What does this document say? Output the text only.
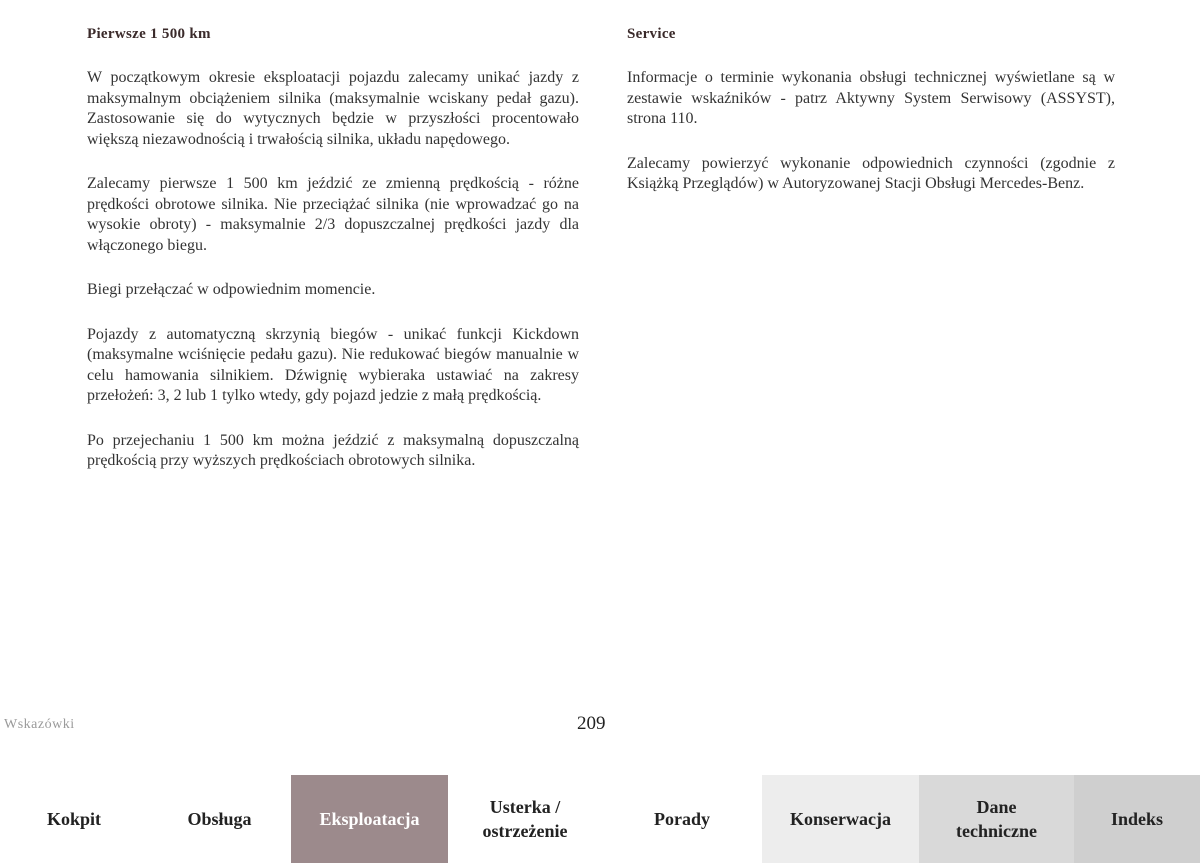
Pierwsze 1 500 km

W początkowym okresie eksploatacji pojazdu zalecamy unikać jazdy z maksymalnym obciążeniem silnika (maksymalnie wciskany pedał gazu). Zastosowanie się do wytycznych będzie w przyszłości procentowało większą niezawodnością i trwałością silnika, układu napędowego.

Zalecamy pierwsze 1 500 km jeździć ze zmienną prędkością - różne prędkości obrotowe silnika. Nie przeciążać silnika (nie wprowadzać go na wysokie obroty) - maksymalnie 2/3 dopuszczalnej prędkości jazdy dla włączonego biegu.

Biegi przełączać w odpowiednim momencie.

Pojazdy z automatyczną skrzynią biegów - unikać funkcji Kickdown (maksymalne wciśnięcie pedału gazu). Nie redukować biegów manualnie w celu hamowania silnikiem. Dźwignię wybieraka ustawiać na zakresy przełożeń: 3, 2 lub 1 tylko wtedy, gdy pojazd jedzie z małą prędkością.

Po przejechaniu 1 500 km można jeździć z maksymalną dopuszczalną prędkością przy wyższych prędkościach obrotowych silnika.

Service

Informacje o terminie wykonania obsługi technicznej wyświetlane są w zestawie wskaźników - patrz Aktywny System Serwisowy (ASSYST), strona 110.

Zalecamy powierzyć wykonanie odpowiednich czynności (zgodnie z Książką Przeglądów) w Autoryzowanej Stacji Obsługi Mercedes-Benz.

Wskazówki	209
Kokpit	Obsługa	Eksploatacja
Usterka / ostrzeżenie
Porady	Konserwacja
Dane techniczne
Indeks
